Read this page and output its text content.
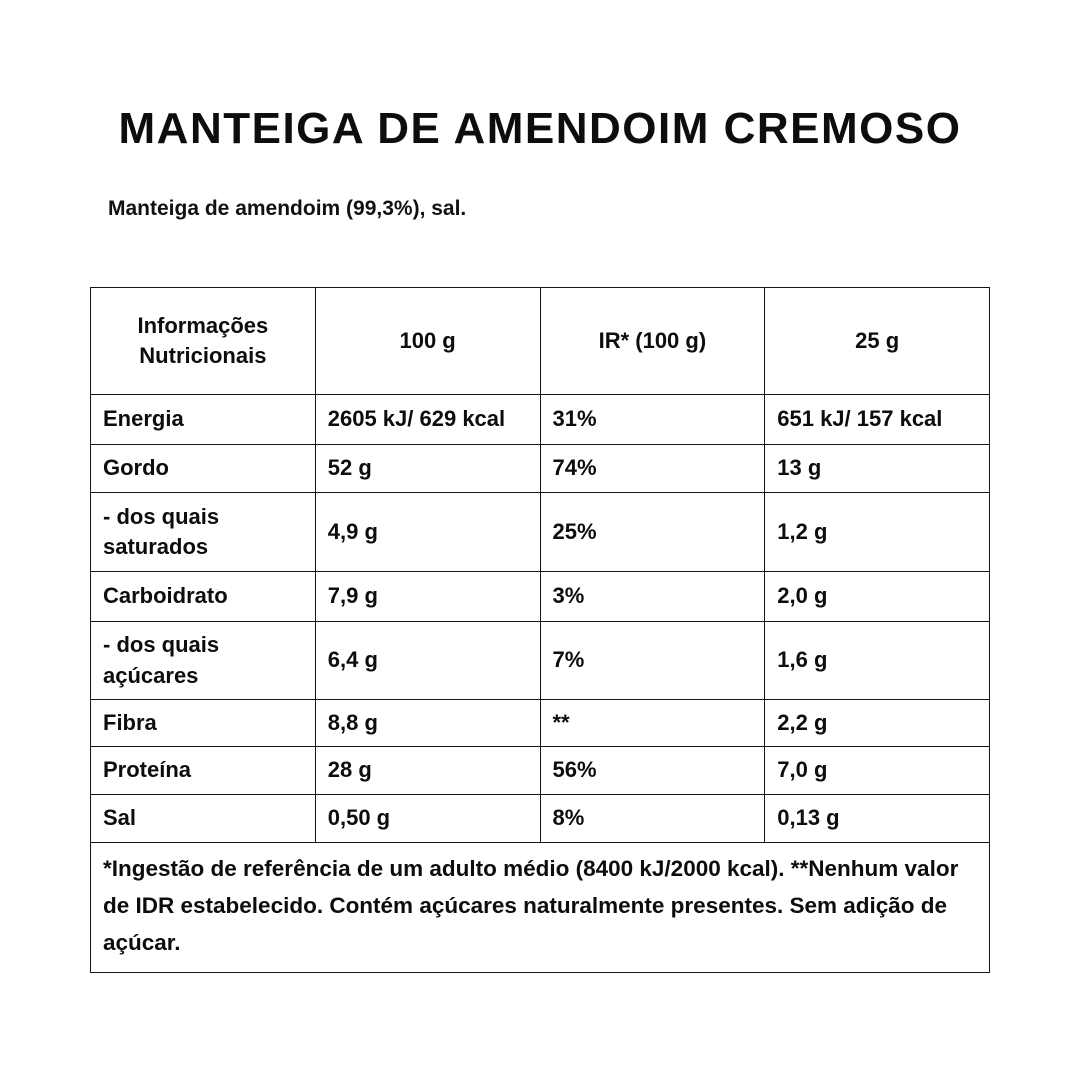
MANTEIGA DE AMENDOIM CREMOSO

Manteiga de amendoim (99,3%), sal.

Informações Nutricionais	100 g	IR* (100 g)	25 g
Energia	2605 kJ/ 629 kcal	31%	651 kJ/ 157 kcal
Gordo	52 g	74%	13 g
- dos quais saturados	4,9 g	25%	1,2 g
Carboidrato	7,9 g	3%	2,0 g
- dos quais açúcares	6,4 g	7%	1,6 g
Fibra	8,8 g	**	2,2 g
Proteína	28 g	56%	7,0 g
Sal	0,50 g	8%	0,13 g
*Ingestão de referência de um adulto médio (8400 kJ/2000 kcal). **Nenhum valor de IDR estabelecido. Contém açúcares naturalmente presentes. Sem adição de açúcar.			
